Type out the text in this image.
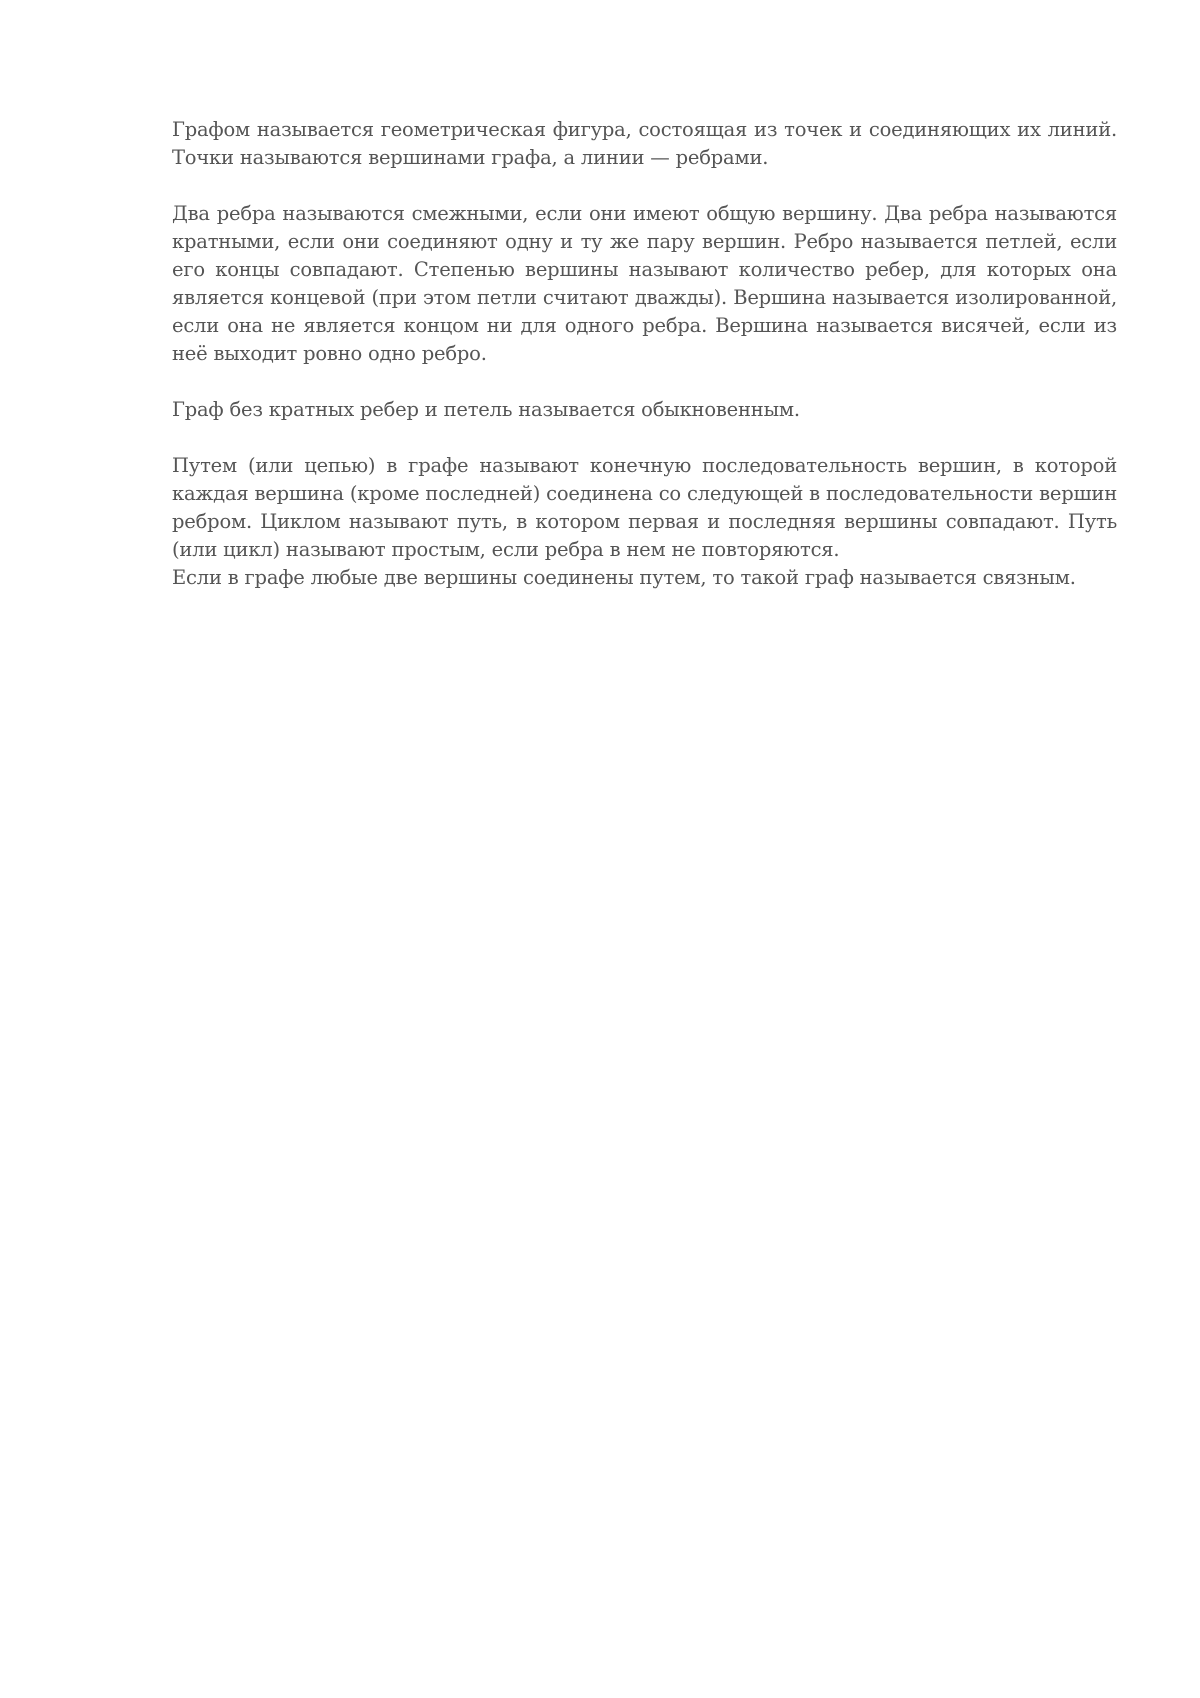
Графом называется геометрическая фигура, состоящая из точек и соединяющих их линий. Точки называются вершинами графа, а линии — ребрами.

Два ребра называются смежными, если они имеют общую вершину. Два ребра называются кратными, если они соединяют одну и ту же пару вершин. Ребро называется петлей, если его концы совпадают. Степенью вершины называют количество ребер, для которых она является концевой (при этом петли считают дважды). Вершина называется изолированной, если она не является концом ни для одного ребра. Вершина называется висячей, если из неё выходит ровно одно ребро.

Граф без кратных ребер и петель называется обыкновенным.

Путем (или цепью) в графе называют конечную последовательность вершин, в которой каждая вершина (кроме последней) соединена со следующей в последовательности вершин ребром. Циклом называют путь, в котором первая и последняя вершины совпадают. Путь (или цикл) называют простым, если ребра в нем не повторяются.

Если в графе любые две вершины соединены путем, то такой граф называется связным.
